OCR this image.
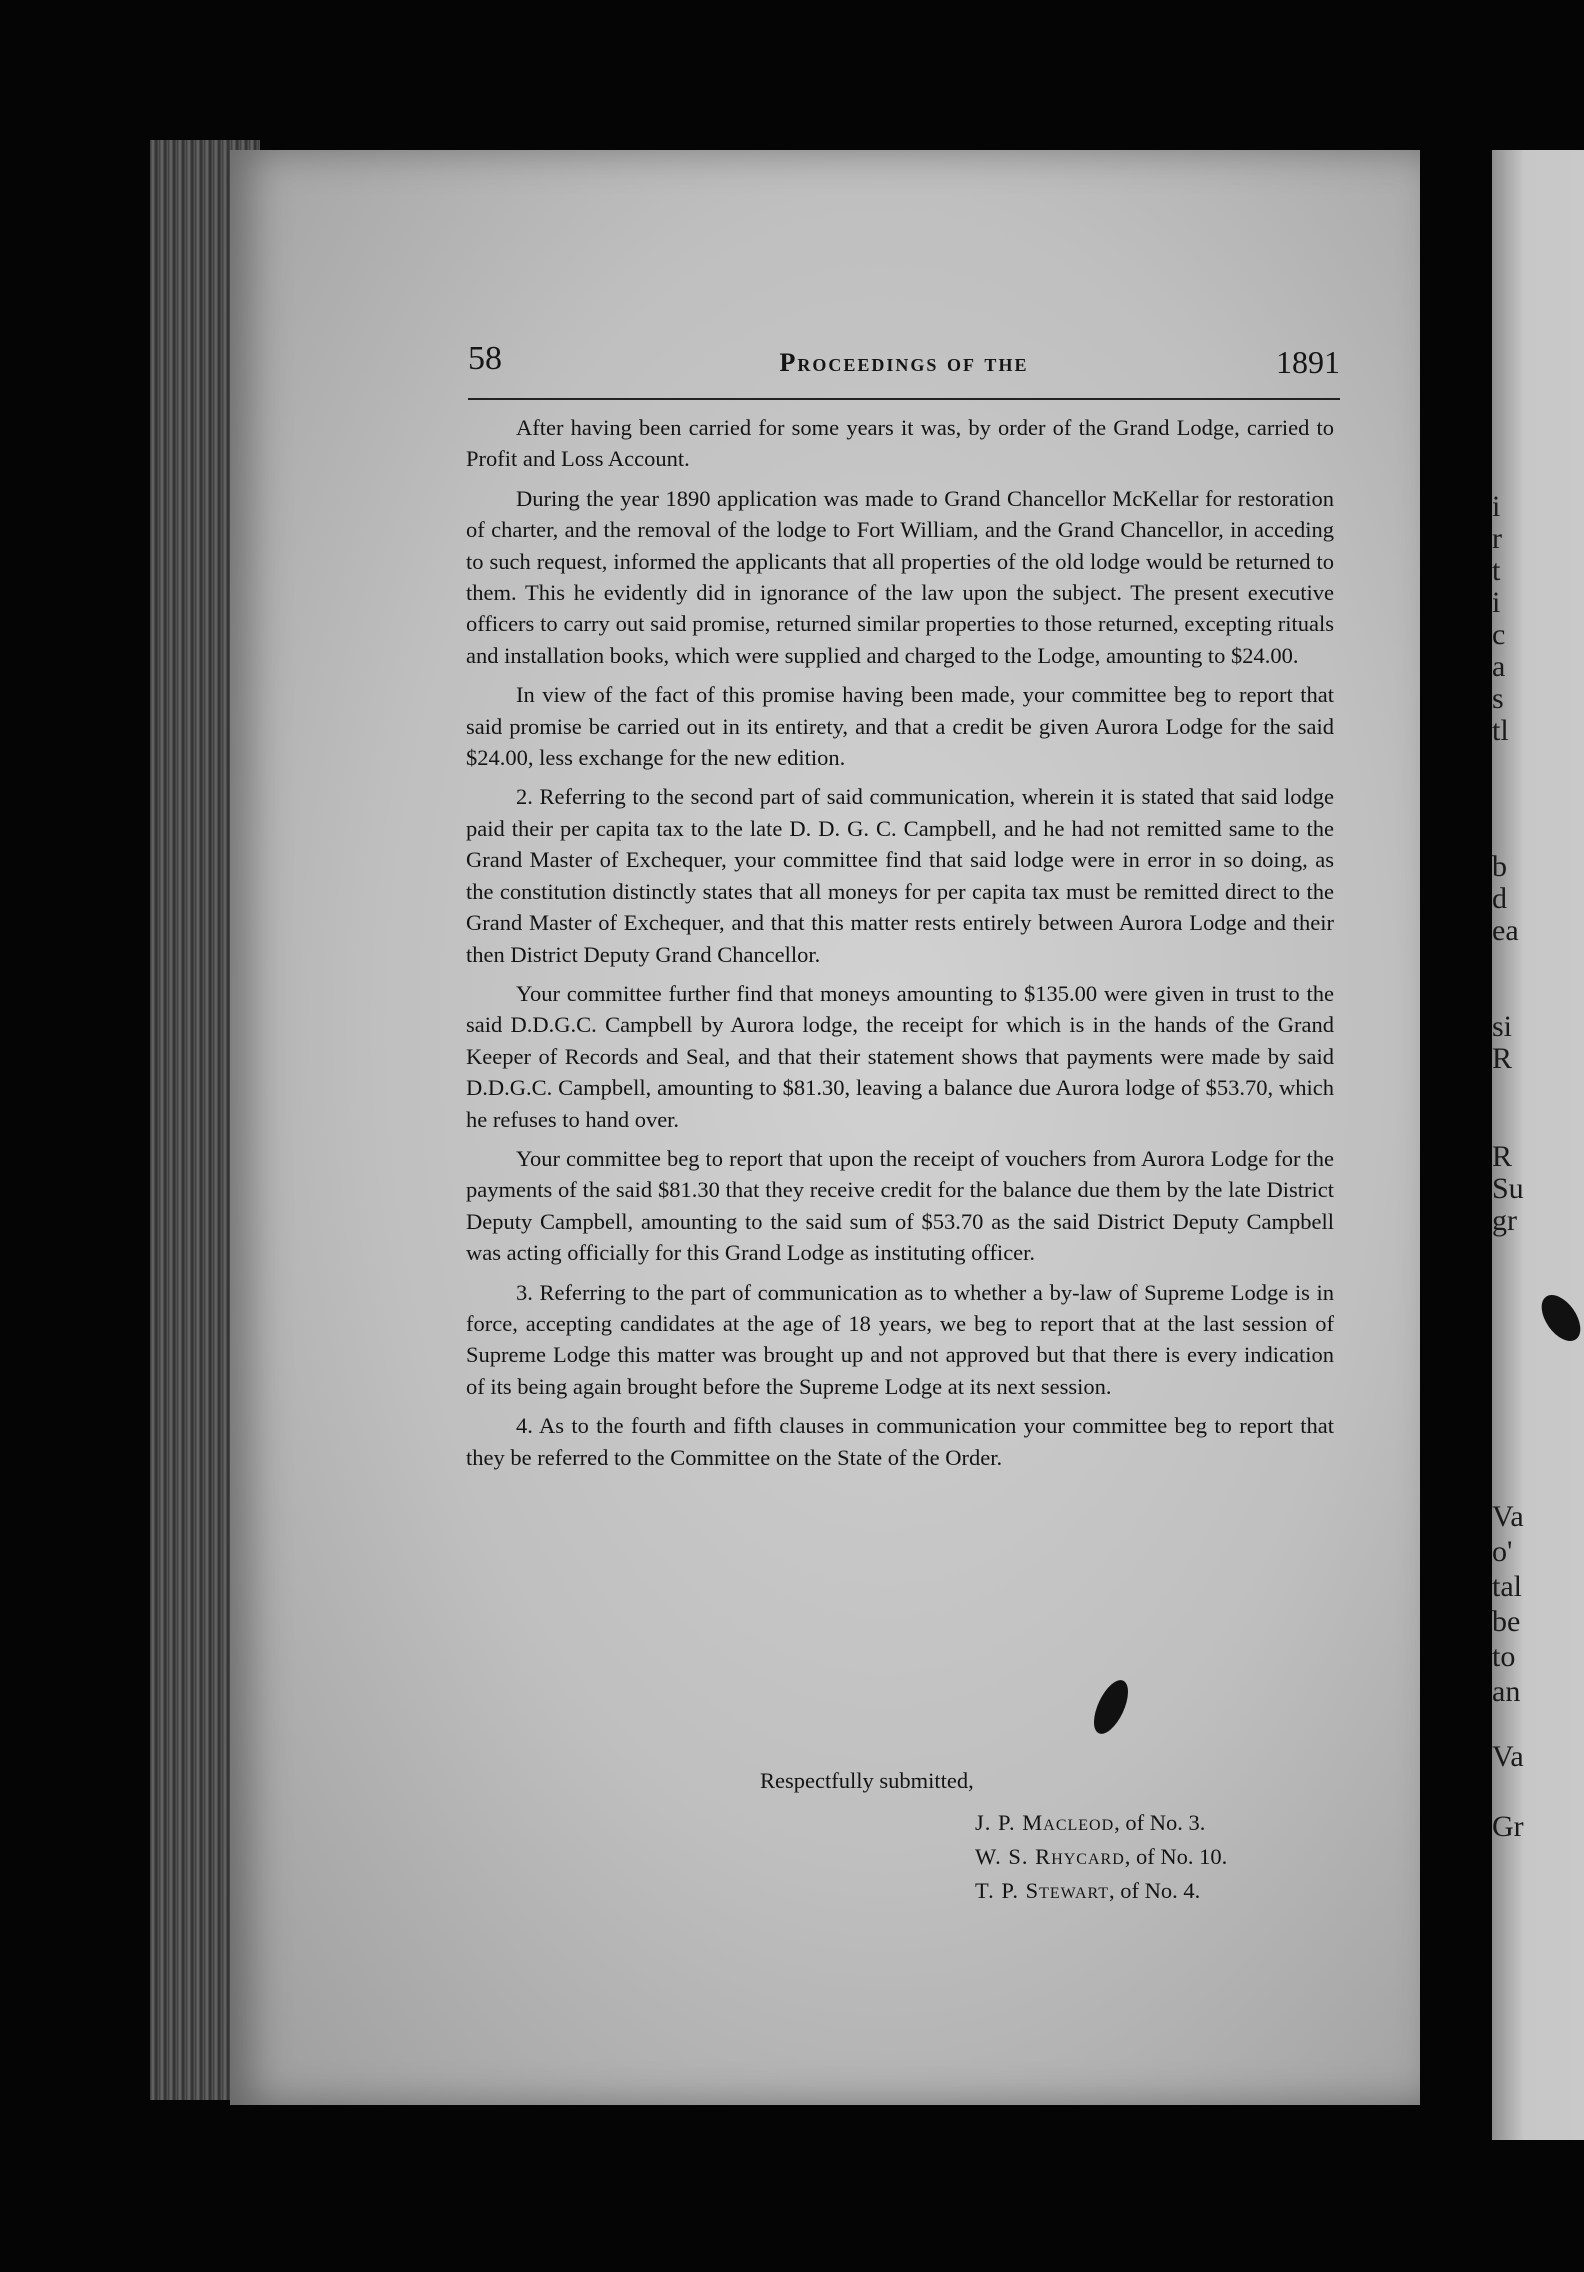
i
r
t
i
c
a
s
tl
b
d
ea
si
R
R
Su
gr
Va
o'
tal
be
to
an
Va
Gr
58	Proceedings of the	1891

After having been carried for some years it was, by order of the Grand Lodge, carried to Profit and Loss Account.

During the year 1890 application was made to Grand Chancellor McKellar for restoration of charter, and the removal of the lodge to Fort William, and the Grand Chancellor, in acceding to such request, informed the applicants that all properties of the old lodge would be returned to them. This he evidently did in ignorance of the law upon the subject. The present executive officers to carry out said promise, returned similar properties to those returned, excepting rituals and installation books, which were supplied and charged to the Lodge, amounting to $24.00.

In view of the fact of this promise having been made, your committee beg to report that said promise be carried out in its entirety, and that a credit be given Aurora Lodge for the said $24.00, less exchange for the new edition.

2. Referring to the second part of said communication, wherein it is stated that said lodge paid their per capita tax to the late D. D. G. C. Campbell, and he had not remitted same to the Grand Master of Exchequer, your committee find that said lodge were in error in so doing, as the constitution distinctly states that all moneys for per capita tax must be remitted direct to the Grand Master of Exchequer, and that this matter rests entirely between Aurora Lodge and their then District Deputy Grand Chancellor.

Your committee further find that moneys amounting to $135.00 were given in trust to the said D.D.G.C. Campbell by Aurora lodge, the receipt for which is in the hands of the Grand Keeper of Records and Seal, and that their statement shows that payments were made by said D.D.G.C. Campbell, amounting to $81.30, leaving a balance due Aurora lodge of $53.70, which he refuses to hand over.

Your committee beg to report that upon the receipt of vouchers from Aurora Lodge for the payments of the said $81.30 that they receive credit for the balance due them by the late District Deputy Campbell, amounting to the said sum of $53.70 as the said District Deputy Campbell was acting officially for this Grand Lodge as instituting officer.

3. Referring to the part of communication as to whether a by-law of Supreme Lodge is in force, accepting candidates at the age of 18 years, we beg to report that at the last session of Supreme Lodge this matter was brought up and not approved but that there is every indication of its being again brought before the Supreme Lodge at its next session.

4. As to the fourth and fifth clauses in communication your committee beg to report that they be referred to the Committee on the State of the Order.

Respectfully submitted,
J. P. Macleod, of No. 3.
W. S. Rhycard, of No. 10.
T. P. Stewart, of No. 4.
